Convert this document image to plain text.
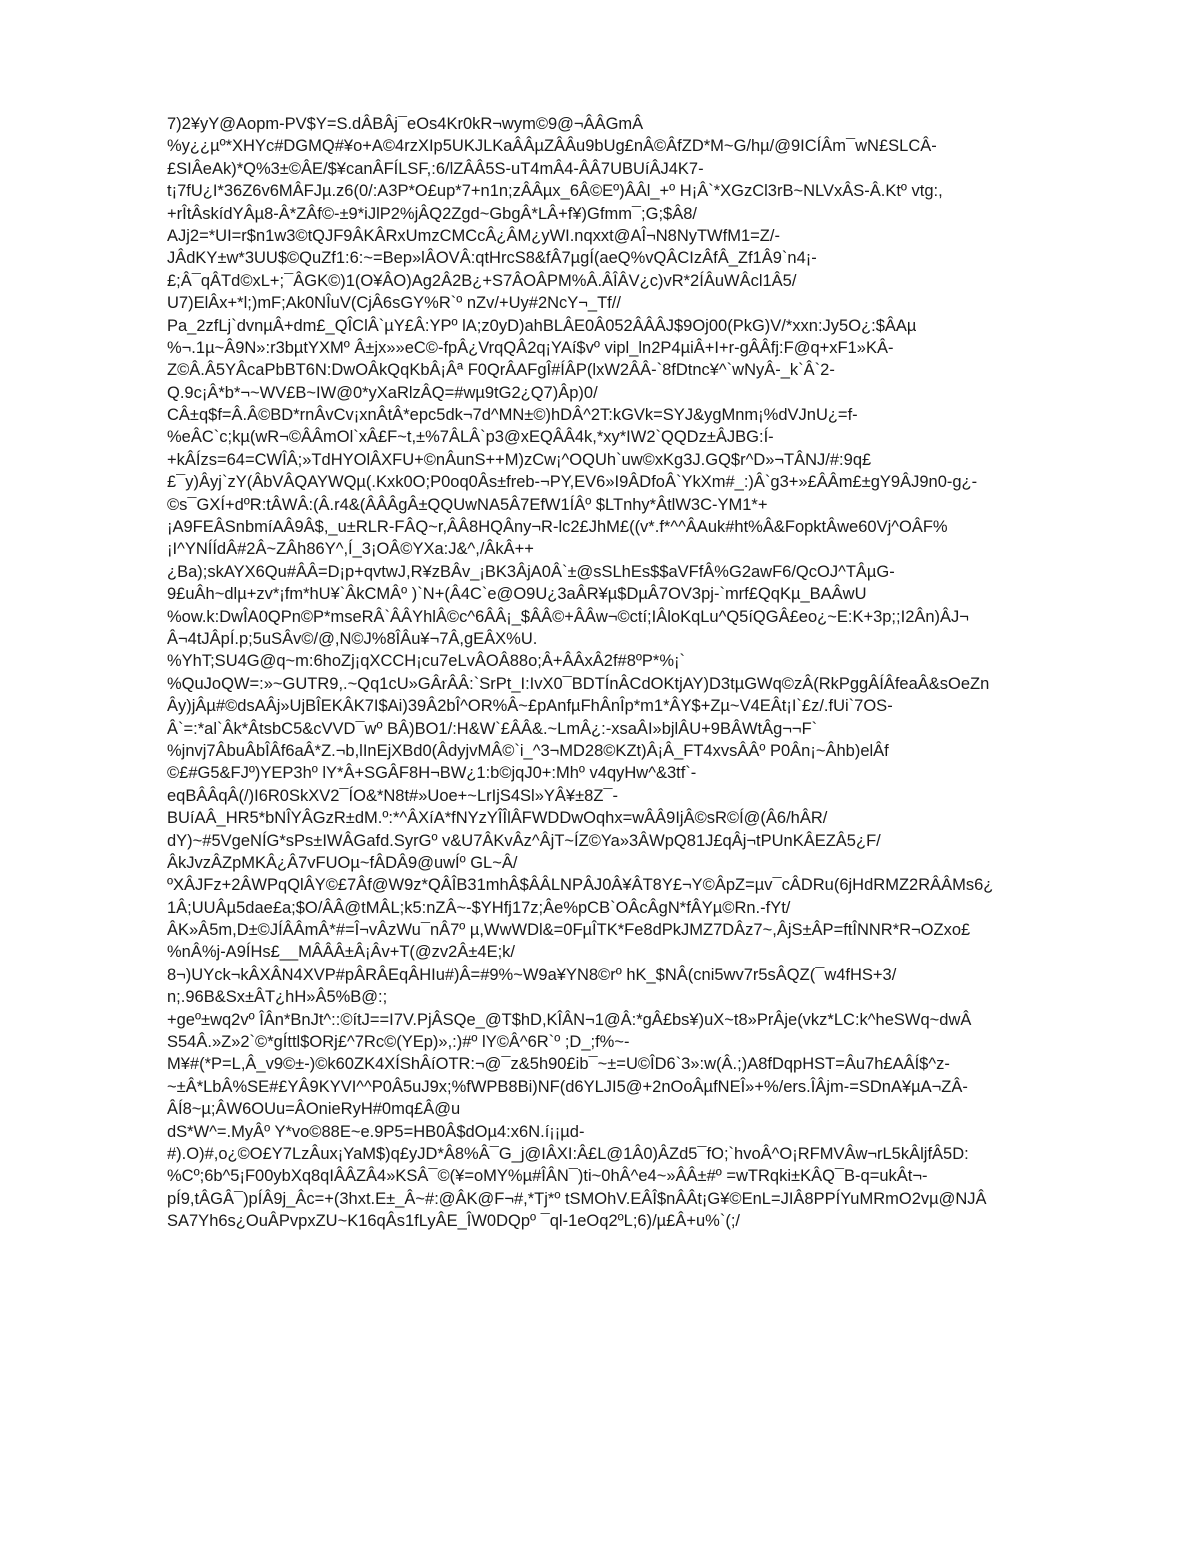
7)2¥yY@Aopm-PV$Y=S.dÂBÂj¯eOs4Kr0kR¬wym©9@¬ÂÂGmÂ
%y¿¿µº*XHYc#DGMQ#¥o+A©4rzXIp5UKJLKaÂÂµZÂÂu9bUg£nÂ©ÂfZD*M~G/hµ/@9ICÍÂm¯wN£SLCÂ-
£SIÂeAk)*Q%3±©ÂE/$¥canÂFÍLSF,:6/lZÂÂ5S-uT4mÂ4-ÂÂ7UBUíÂJ4K7-
t¡7fU¿I*36Z6v6MÂFJµ.z6(0/:A3P*O£up*7+n1n;zÂÂµx_6Â©Eº)ÂÂl_+º H¡Â`*XGzCl3rB~NLVxÂS-Â.Ktº vtg:,
+rÎtÂskídYÂµ8-Â*ZÂf©-±9*iJlP2%jÂQ2Zgd~GbgÂ*LÂ+f¥)Gfmm¯;G;$Â8/
AJj2=*UI=r$n1w3©tQJF9ÂKÂRxUmzCMCcÂ¿ÂM¿yWI.nqxxt@AÎ¬N8NyTWfM1=Z/-
JÂdKY±w*3UU$©QuZf1:6:~=Bep»lÂOVÂ:qtHrcS8&fÂ7µgÍ(aeQ%vQÂCIzÂfÂ_Zf1Â9`n4¡-
£;Â¯qÂTd©xL+;¯ÂGK©)1(O¥ÂO)Ag2Â2B¿+S7ÂOÂPM%Â.ÂÎÂV¿c)vR*2ÍÂuWÂcl1Â5/
U7)ElÂx+*l;)mF;Ak0NÎuV(CjÂ6sGY%R`º nZv/+Uy#2NcY¬_Tf//
Pa_2zfLj`dvnµÂ+dm£_QÎClÂ`µY£Â:YPº lA;z0yD)ahBLÂE0Â052ÂÂÂJ$9Oj00(PkG)V/*xxn:Jy5O¿:$ÂAµ
%¬.1µ~Â9N»:r3bµtYXMº Â±jx»»eC©-fpÂ¿VrqQÂ2q¡YAí$vº vipl_ln2P4µiÂ+I+r-gÂÂfj:F@q+xF1»KÂ-
Z©Â.Â5YÂcaPbBT6N:DwOÂkQqKbÂ¡Âª F0QrÂAFgÎ#ÍÂP(lxW2ÂÂ-`8fDtnc¥^`wNyÂ-_k`Â`2-
Q.9c¡Â*b*¬~WV£B~IW@0*yXaRlzÂQ=#wµ9tG2¿Q7)Âp)0/
CÂ±q$f=Â.Â©BD*rnÂvCv¡xnÂtÂ*epc5dk¬7d^MN±©)hDÂ^2T:kGVk=SYJ&ygMnm¡%dVJnU¿=f-
%eÂC`c;kµ(wR¬©ÂÂmOl`xÂ£F~t,±%7ÂLÂ`p3@xEQÂÂ4k,*xy*IW2`QQDz±ÂJBG:Í-
+kÂÍzs=64=CWÎÂ;»TdHYOlÂXFU+©nÂunS++M)zCw¡^OQUh`uw©xKg3J.GQ$r^D»¬TÂNJ/#:9q£
£¯y)Âyj`zY(ÂbVÂQAYWQµ(.Kxk0O;P0oq0Âs±freb-¬PY,EV6»I9ÂDfoÂ`YkXm#_:)Â`g3+»£ÂÂm£±gY9ÂJ9n0-g¿-
©s¯GXÍ+dºR:tÂWÂ:(Â.r4&(ÂÂÂgÂ±QQUwNA5Â7EfW1ÍÂº $LTnhy*ÂtlW3C-YM1*+
¡A9FEÂSnbmíAÂ9Â$,_u±RLR-FÂQ~r,ÂÂ8HQÂny¬R-lc2£JhM£((v*.f*^^ÂAuk#ht%Â&FopktÂwe60Vj^OÂF%
¡I^YNÍÍdÂ#2Â~ZÂh86Y^,Í_3¡OÂ©YXa:J&^,/ÂkÂ++
¿Ba);skAYX6Qu#ÂÂ=D¡p+qvtwJ,R¥zBÂv_¡BK3ÂjA0Â`±@sSLhEs$$aVFfÂ%G2awF6/QcOJ^TÂµG-
9£uÂh~dlµ+zv*¡fm*hU¥`ÂkCMÂº )`N+(Â4C`e@O9U¿3aÂR¥µ$DµÂ7OV3pj-`mrf£QqKµ_BAÂwU
%ow.k:DwÎA0QPn©P*mseRÂ`ÂÂYhlÂ©c^6ÂÂ¡_$ÂÂ©+ÂÂw¬©ctí;IÂloKqLu^Q5íQGÂ£eo¿~E:K+3p;;I2Ân)ÂJ¬
Â¬4tJÂpÍ.p;5uSÂv©/@,N©J%8ÎÂu¥¬7Â,gEÂX%U.
%YhT;SU4G@q~m:6hoZj¡qXCCH¡cu7eLvÂOÂ88o;Â+ÂÂxÂ2f#8ºP*%¡`
%QuJoQW=:»~GUTR9,.~Qq1cU»GÂrÂÂ:`SrPt_I:IvX0¯BDTÍnÂCdOKtjAY)D3tµGWq©zÂ(RkPggÂÍÂfeaÂ&sOeZn
Ây)jÂµ#©dsAÂj»UjBÎEKÂK7I$Ai)39Â2bÎ^OR%Â~£pAnfµFhÂnÎp*m1*ÂY$+Zµ~V4EÂt¡I`£z/.fUi`7OS-
Â`=:*al`Âk*ÂtsbC5&cVVD¯wº BÂ)BO1/:H&W`£ÂÂ&.~LmÂ¿:-xsaÂI»bjlÂU+9BÂWtÂg¬¬F`
%jnvj7ÂbuÂbÎÂf6aÂ*Z.¬b,lInEjXBd0(ÂdyjvMÂ©`i_^3¬MD28©KZt)Â¡Â_FT4xvsÂÂº P0Ân¡~Âhb)elÂf
©£#G5&FJº)YEP3hº lY*Â+SGÂF8H¬BW¿1:b©jqJ0+:Mhº v4qyHw^&3tf`-
eqBÂÂqÂ(/)I6R0SkXV2¯ÍO&*N8t#»Uoe+~LrIjS4Sl»YÂ¥±8Z¯-
BUíAÂ_HR5*bNÎYÂGzR±dM.º:*^ÂXíA*fNYzYÎÎlÂFWDDwOqhx=wÂÂ9IjÂ©sR©Í@(Â6/hÂR/
dY)~#5VgeNÍG*sPs±IWÂGafd.SyrGº v&U7ÂKvÂz^ÂjT~ÍZ©Ya»3ÂWpQ81J£qÂj¬tPUnKÂEZÂ5¿F/
ÂkJvzÂZpMKÂ¿Â7vFUOµ~fÂDÂ9@uwÍº GL~Â/
ºXÂJFz+2ÂWPqQlÂY©£7Âf@W9z*QÂÎB31mhÂ$ÂÂLNPÂJ0Â¥ÂT8Y£¬Y©ÂpZ=µv¯cÂDRu(6jHdRMZ2RÂÂMs6¿
1Â;UUÂµ5dae£a;$O/ÂÂ@tMÂL;k5:nZÂ~-$YHfj17z;Âe%pCB`OÂcÂgN*fÂYµ©Rn.-fYt/
ÂK»Â5m,D±©JÍÂÂmÂ*#=Î¬vÂzWu¯nÂ7º µ,WwWDl&=0FµÎTK*Fe8dPkJMZ7DÂz7~,ÂjS±ÂP=ftÎNNR*R¬OZxo£
%nÂ%j-A9ÍHs£__MÂÂÂ±Â¡Âv+T(@zv2Â±4E;k/
8¬)UYck¬kÂXÂN4XVP#pÂRÂEqÂHIu#)Â=#9%~W9a¥YN8©rº hK_$NÂ(cni5wv7r5sÂQZ(¯w4fHS+3/
n;.96B&Sx±ÂT¿hH»Â5%B@:;
+geº±wq2vº ÎÂn*BnJt^::©ítJ==I7V.PjÂSQe_@T$hD,KÎÂN¬1@Â:*gÂ£bs¥)uX~t8»PrÂje(vkz*LC:k^heSWq~dwÂ
S54Â.»Z»2`©*gÍttl$ORj£^7Rc©(YEp)»,:)#º lY©Â^6R`º ;D_;f%~-
M¥#(*P=L,Â_v9©±-)©k60ZK4XÍShÂíOTR:¬@¯z&5h90£ib¯~±=U©ÎD6`3»:w(Â.;)A8fDqpHST=Âu7h£AÂÍ$^z-
~±Â*LbÂ%SE#£YÂ9KYVI^^P0Â5uJ9x;%fWPB8Bi)NF(d6YLJI5@+2nOoÂµfNEÎ»+%/ers.ÎÂjm-=SDnA¥µA¬ZÂ-
ÂÍ8~µ;ÂW6OUu=ÂOnieRyH#0mq£Â@u
dS*W^=.MyÂº Y*vo©88E~e.9P5=HB0Â$dOµ4:x6N.í¡¡µd-
#).O)#,o¿©O£Y7LzÂux¡YaM$)q£yJD*Â8%Â¯G_j@IÂXI:Â£L@1Â0)ÂZd5¯fO;`hvoÂ^O¡RFMVÂw¬rL5kÂljfÂ5D:
%Cº;6b^5¡F00ybXq8qIÂÂZÂ4»KSÂ¯©(¥=oMY%µ#ÎÂN¯)ti~0hÂ^e4~»ÂÂ±#º =wTRqki±KÂQ¯B-q=ukÂt¬-
pÍ9,tÂGÂ¯)pÍÂ9j_Âc=+(3hxt.E±_Â~#:@ÂK@F¬#,*Tj*º tSMOhV.EÂÎ$nÂÂt¡G¥©EnL=JIÂ8PPÍYuMRmO2vµ@NJÂ
SA7Yh6s¿OuÂPvpxZU~K16qÂs1fLyÂE_ÎW0DQpº ¯ql-1eOq2ºL;6)/µ£Â+u%`(;/
